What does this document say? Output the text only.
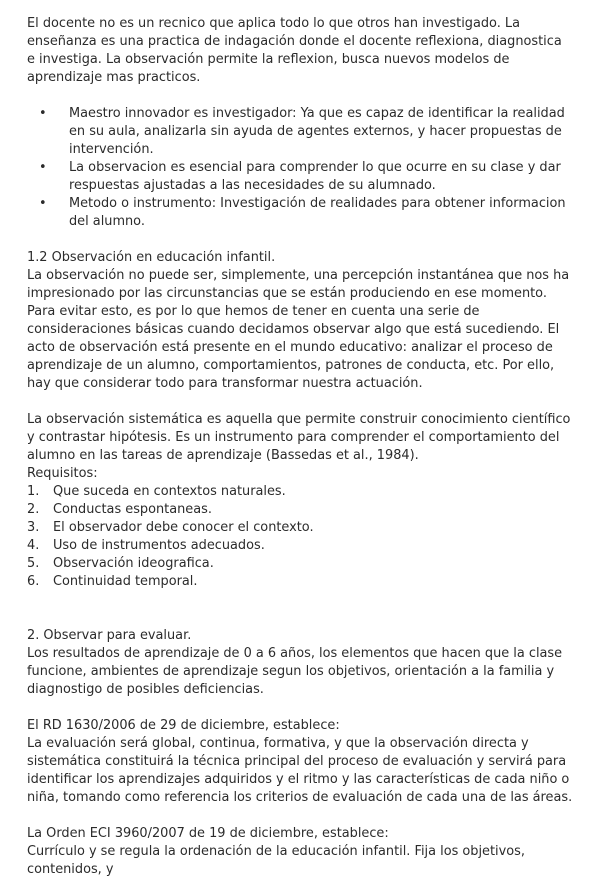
El docente no es un recnico que aplica todo lo que otros han investigado. La enseñanza es una practica de indagación donde el docente reflexiona, diagnostica e investiga. La observación permite la reflexion, busca nuevos modelos de aprendizaje mas practicos.

• Maestro innovador es investigador: Ya que es capaz de identificar la realidad en su aula, analizarla sin ayuda de agentes externos, y hacer propuestas de intervención.
• La observacion es esencial para comprender lo que ocurre en su clase y dar respuestas ajustadas a las necesidades de su alumnado.
• Metodo o instrumento: Investigación de realidades para obtener informacion del alumno.

1.2 Observación en educación infantil.

La observación no puede ser, simplemente, una percepción instantánea que nos ha impresionado por las circunstancias que se están produciendo en ese momento. Para evitar esto, es por lo que hemos de tener en cuenta una serie de consideraciones básicas cuando decidamos observar algo que está sucediendo. El acto de observación está presente en el mundo educativo: analizar el proceso de aprendizaje de un alumno, comportamientos, patrones de conducta, etc. Por ello, hay que considerar todo para transformar nuestra actuación.

La observación sistemática es aquella que permite construir conocimiento científico y contrastar hipótesis. Es un instrumento para comprender el comportamiento del alumno en las tareas de aprendizaje (Bassedas et al., 1984).

Requisitos:

1. Que suceda en contextos naturales.
2. Conductas espontaneas.
3. El observador debe conocer el contexto.
4. Uso de instrumentos adecuados.
5. Observación ideografica.
6. Continuidad temporal.

2. Observar para evaluar.

Los resultados de aprendizaje de 0 a 6 años, los elementos que hacen que la clase funcione, ambientes de aprendizaje segun los objetivos, orientación a la familia y diagnostigo de posibles deficiencias.

El RD 1630/2006 de 29 de diciembre, establece:

La evaluación será global, continua, formativa, y que la observación directa y sistemática constituirá la técnica principal del proceso de evaluación y servirá para identificar los aprendizajes adquiridos y el ritmo y las características de cada niño o niña, tomando como referencia los criterios de evaluación de cada una de las áreas.

La Orden ECI 3960/2007 de 19 de diciembre, establece:

Currículo y se regula la ordenación de la educación infantil. Fija los objetivos, contenidos, y
